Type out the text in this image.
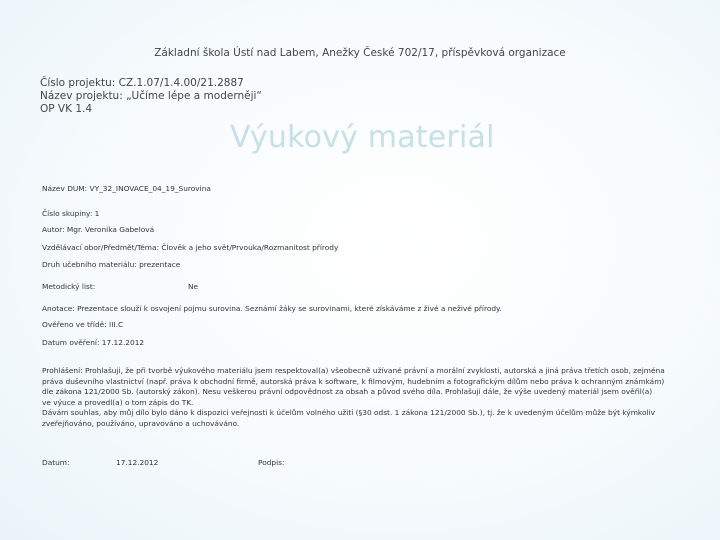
Základní škola Ústí nad Labem, Anežky České 702/17, příspěvková organizace
Číslo projektu: CZ.1.07/1.4.00/21.2887
Název projektu: „Učíme lépe a moderněji“
OP VK 1.4
Výukový materiál
Název DUM: VY_32_INOVACE_04_19_Surovina
Číslo skupiny: 1
Autor: Mgr. Veronika Gabelová
Vzdělávací obor/Předmět/Téma: Člověk a jeho svět/Prvouka/Rozmanitost přírody
Druh učebního materiálu: prezentace
Metodický list:	Ne
Anotace: Prezentace slouží k osvojení pojmu surovina. Seznámí žáky se surovinami, které získáváme z živé a neživé přírody.
Ověřeno ve třídě: III.C
Datum ověření: 17.12.2012
Prohlášení: Prohlašuji, že při tvorbě výukového materiálu jsem respektoval(a) všeobecně užívané právní a morální zvyklosti, autorská a jiná práva třetích osob, zejména
práva duševního vlastnictví (např. práva k obchodní firmě, autorská práva k software, k filmovým, hudebním a fotografickým dílům nebo práva k ochranným známkám)
dle zákona 121/2000 Sb. (autorský zákon). Nesu veškerou právní odpovědnost za obsah a původ svého díla. Prohlašuji dále, že výše uvedený materiál jsem ověřil(a)
ve výuce a provedl(a) o tom zápis do TK.
Dávám souhlas, aby můj dílo bylo dáno k dispozici veřejnosti k účelům volného užití (§30 odst. 1 zákona 121/2000 Sb.), tj. že k uvedeným účelům může být kýmkoliv
zveřejňováno, používáno, upravováno a uchováváno.
Datum:	17.12.2012	Podpis:
